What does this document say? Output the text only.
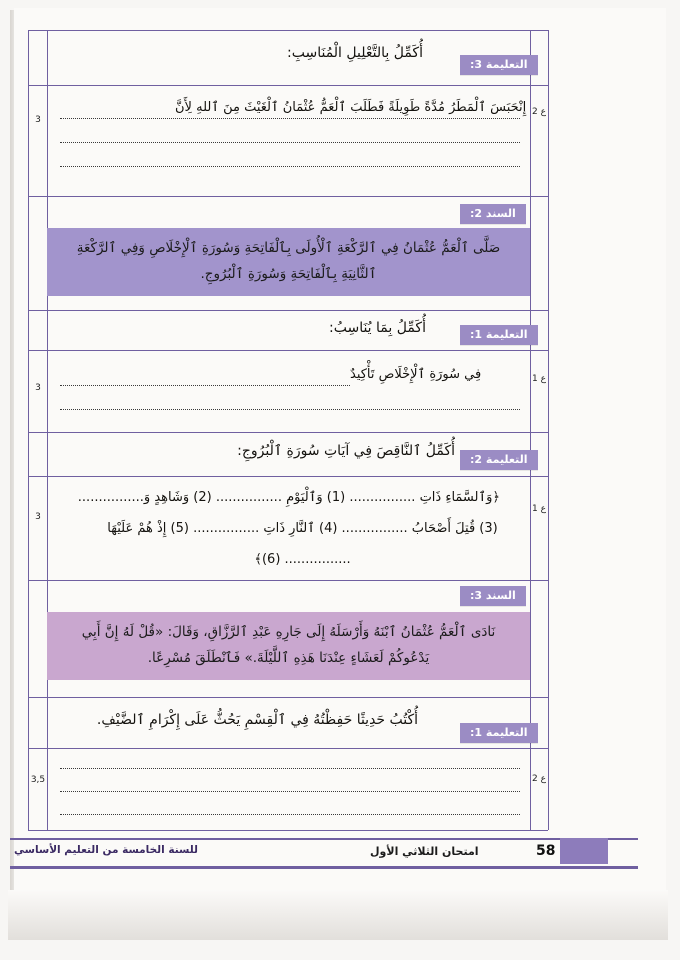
التعليمة 3:
أُكَمِّلُ بِالتَّعْلِيلِ الْمُنَاسِبِ:
إِنْحَبَسَ ٱلْمَطَرُ مُدَّةً طَوِيلَةً فَطَلَبَ ٱلْعَمُّ عُثْمَانُ ٱلْغَيْثَ مِنَ ٱللهِ لِأَنَّ
3
ع 2
السند 2:
صَلَّى ٱلْعَمُّ عُثْمَانُ فِي ٱلرَّكْعَةِ ٱلْأُولَى بِٱلْفَاتِحَةِ وَسُورَةِ ٱلْإِخْلَاصِ وَفِي ٱلرَّكْعَةِ ٱلثَّانِيَةِ بِٱلْفَاتِحَةِ وَسُورَةِ ٱلْبُرُوجِ.
التعليمة 1:
أُكَمِّلُ بِمَا يُنَاسِبُ:
فِي سُورَةِ ٱلْإِخْلَاصِ تَأْكِيدٌ
3
ع 1
التعليمة 2:
أُكَمِّلُ ٱلنَّاقِصَ فِي آيَاتِ سُورَةِ ٱلْبُرُوجِ:
﴿وَٱلسَّمَاءِ ذَاتِ ................ (1) وَٱلْيَوْمِ ................ (2) وَشَاهِدٍ وَ................
(3) قُتِلَ أَصْحَابُ ................ (4) ٱلنَّارِ ذَاتِ ................ (5) إِذْ هُمْ عَلَيْهَا
................ (6)﴾
3
ع 1
السند 3:
نَادَى ٱلْعَمُّ عُثْمَانُ ٱبْنَهُ وَأَرْسَلَهُ إِلَى جَارِهِ عَبْدِ ٱلرَّزَّاقِ، وَقَالَ: «قُلْ لَهُ إِنَّ أَبِي يَدْعُوكُمْ لَعَشَاءٍ عِنْدَنَا هَذِهِ ٱللَّيْلَةَ.» فَٱنْطَلَقَ مُسْرِعًا.
التعليمة 1:
أُكْتُبُ حَدِيثًا حَفِظْتُهُ فِي ٱلْقِسْمِ يَحُثُّ عَلَى إِكْرَامِ ٱلضَّيْفِ.
3,5	ع 2
للسنة الخامسة من التعليم الأساسي	امتحان الثلاثي الأول	58
